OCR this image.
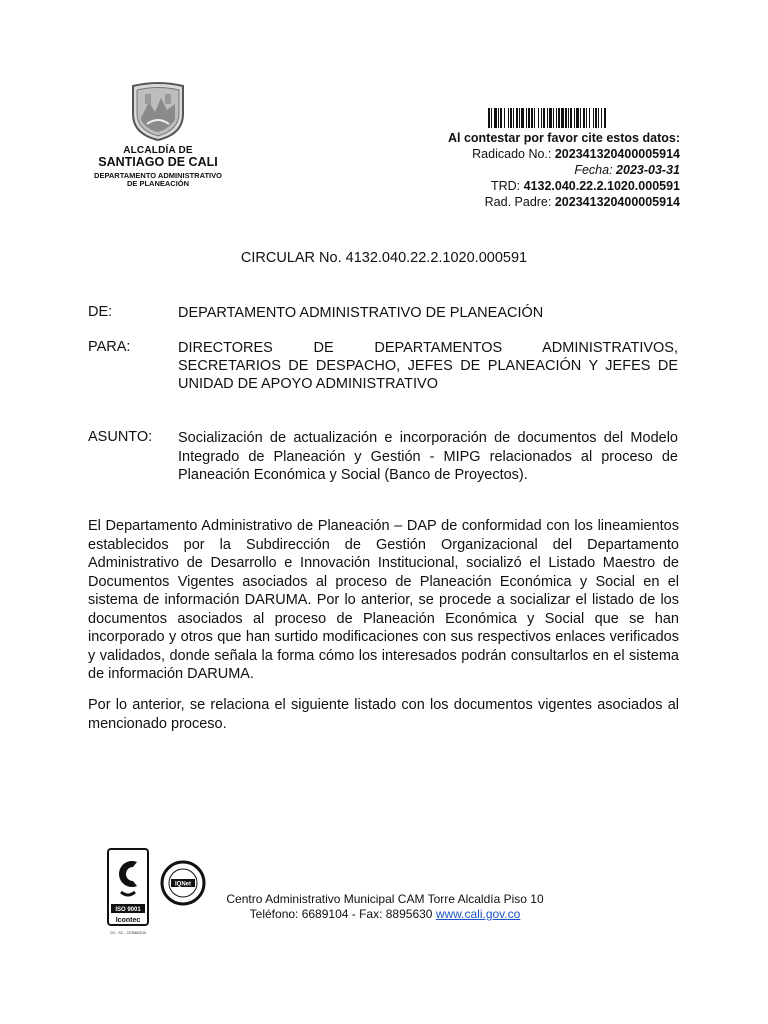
ALCALDÍA DE
SANTIAGO DE CALI
DEPARTAMENTO ADMINISTRATIVO
DE PLANEACIÓN
Al contestar por favor cite estos datos:
Radicado No.: 202341320400005914
Fecha: 2023-03-31
TRD: 4132.040.22.2.1020.000591
Rad. Padre: 202341320400005914
CIRCULAR No. 4132.040.22.2.1020.000591
DE:	DEPARTAMENTO ADMINISTRATIVO DE PLANEACIÓN
PARA:	DIRECTORES DE DEPARTAMENTOS ADMINISTRATIVOS,
SECRETARIOS DE DESPACHO, JEFES DE PLANEACIÓN Y JEFES DE
UNIDAD DE APOYO ADMINISTRATIVO
ASUNTO: Socialización de actualización e incorporación de documentos del Modelo Integrado de Planeación y Gestión - MIPG relacionados al proceso de Planeación Económica y Social (Banco de Proyectos).
El Departamento Administrativo de Planeación – DAP de conformidad con los lineamientos establecidos por la Subdirección de Gestión Organizacional del Departamento Administrativo de Desarrollo e Innovación Institucional, socializó el Listado Maestro de Documentos Vigentes asociados al proceso de Planeación Económica y Social en el sistema de información DARUMA. Por lo anterior, se procede a socializar el listado de los documentos asociados al proceso de Planeación Económica y Social que se han incorporado y otros que han surtido modificaciones con sus respectivos enlaces verificados y validados, donde señala la forma cómo los interesados podrán consultarlos en el sistema de información DARUMA.
Por lo anterior, se relaciona el siguiente listado con los documentos vigentes asociados al mencionado proceso.
ISO 9001
Icontec
CO - SC - CER862016
IQNet
Centro Administrativo Municipal CAM Torre Alcaldía Piso 10
Teléfono: 6689104 - Fax: 8895630 www.cali.gov.co
